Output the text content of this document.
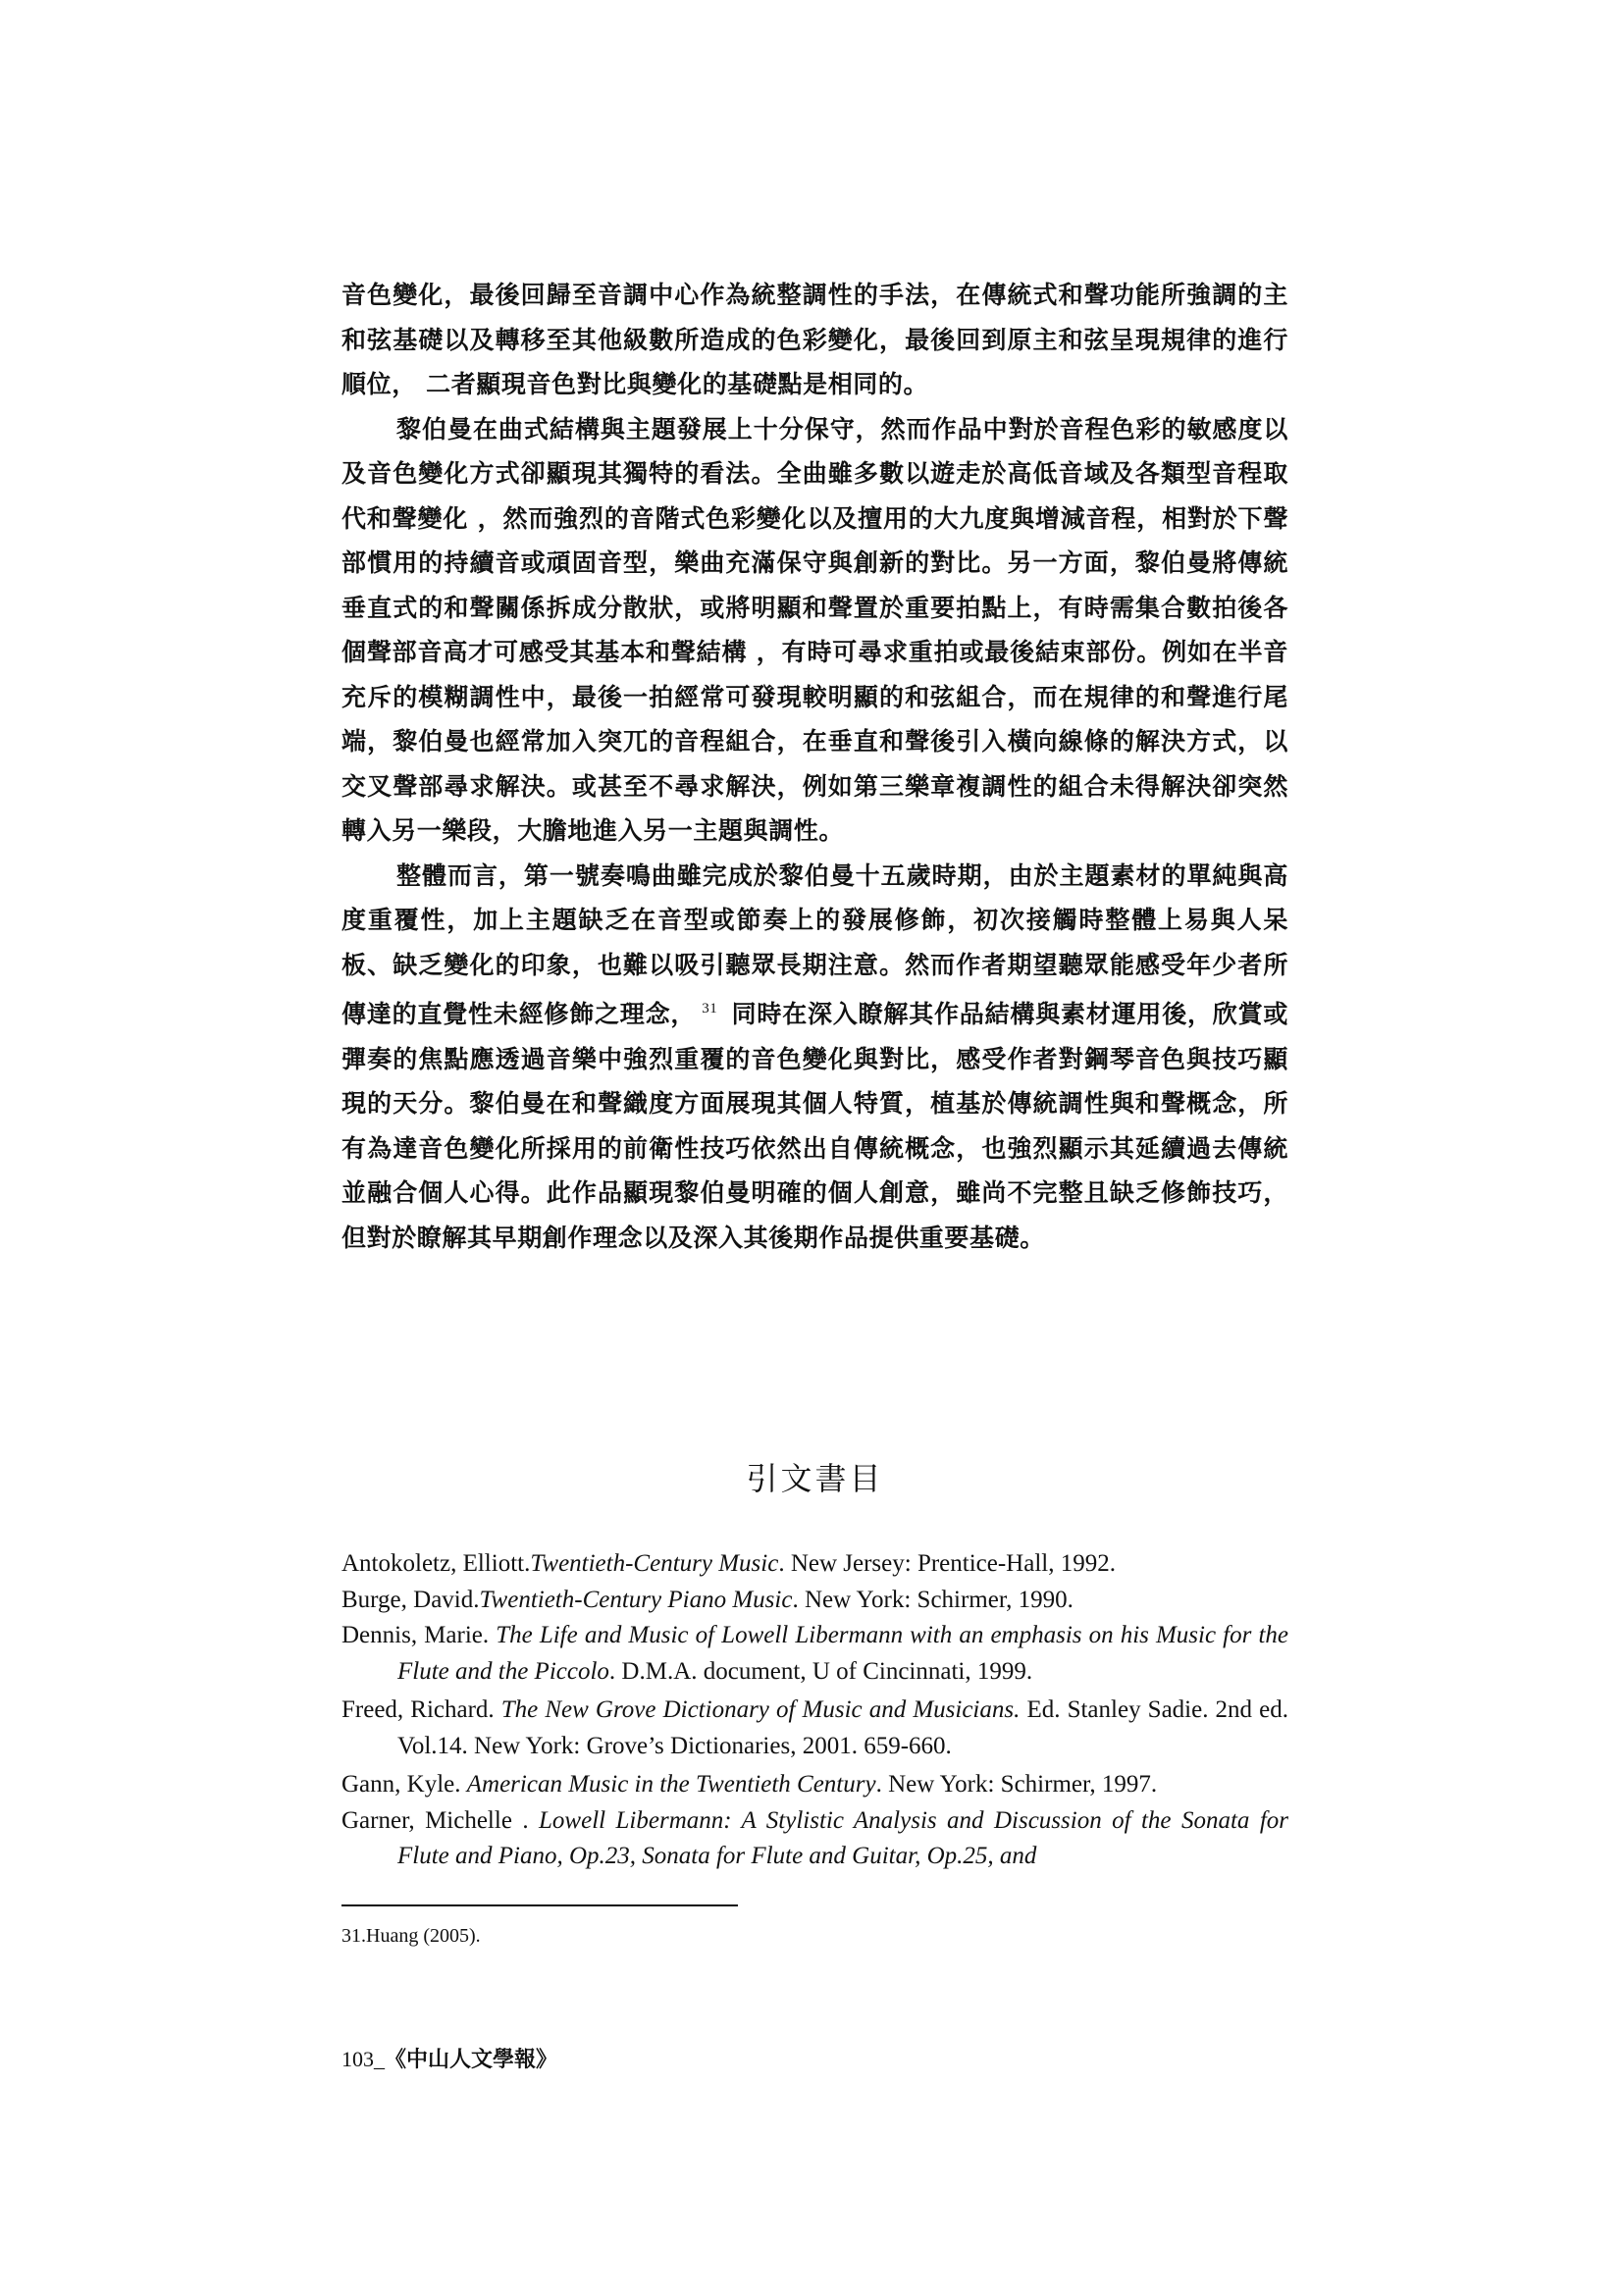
音色變化，最後回歸至音調中心作為統整調性的手法，在傳統式和聲功能所強調的主和弦基礎以及轉移至其他級數所造成的色彩變化，最後回到原主和弦呈現規律的進行順位， 二者顯現音色對比與變化的基礎點是相同的。

黎伯曼在曲式結構與主題發展上十分保守，然而作品中對於音程色彩的敏感度以及音色變化方式卻顯現其獨特的看法。全曲雖多數以遊走於高低音域及各類型音程取代和聲變化 ，然而強烈的音階式色彩變化以及擅用的大九度與增減音程，相對於下聲部慣用的持續音或頑固音型，樂曲充滿保守與創新的對比。另一方面，黎伯曼將傳統垂直式的和聲關係拆成分散狀，或將明顯和聲置於重要拍點上，有時需集合數拍後各個聲部音高才可感受其基本和聲結構 ，有時可尋求重拍或最後結束部份。例如在半音充斥的模糊調性中，最後一拍經常可發現較明顯的和弦組合，而在規律的和聲進行尾端，黎伯曼也經常加入突兀的音程組合，在垂直和聲後引入橫向線條的解決方式，以交叉聲部尋求解決。或甚至不尋求解決，例如第三樂章複調性的組合未得解決卻突然轉入另一樂段，大膽地進入另一主題與調性。

整體而言，第一號奏鳴曲雖完成於黎伯曼十五歲時期，由於主題素材的單純與高度重覆性，加上主題缺乏在音型或節奏上的發展修飾，初次接觸時整體上易與人呆板、缺乏變化的印象，也難以吸引聽眾長期注意。然而作者期望聽眾能感受年少者所傳達的直覺性未經修飾之理念， $^{31}$ 同時在深入瞭解其作品結構與素材運用後，欣賞或彈奏的焦點應透過音樂中強烈重覆的音色變化與對比，感受作者對鋼琴音色與技巧顯現的天分。黎伯曼在和聲織度方面展現其個人特質，植基於傳統調性與和聲概念，所有為達音色變化所採用的前衛性技巧依然出自傳統概念，也強烈顯示其延續過去傳統並融合個人心得。此作品顯現黎伯曼明確的個人創意，雖尚不完整且缺乏修飾技巧，但對於瞭解其早期創作理念以及深入其後期作品提供重要基礎。

引文書目

Antokoletz, Elliott.Twentieth-Century Music. New Jersey: Prentice-Hall, 1992.

Burge, David.Twentieth-Century Piano Music. New York: Schirmer, 1990.

Dennis, Marie. The Life and Music of Lowell Libermann with an emphasis on his Music for the Flute and the Piccolo. D.M.A. document, U of Cincinnati, 1999.

Freed, Richard. The New Grove Dictionary of Music and Musicians. Ed. Stanley Sadie. 2nd ed. Vol.14. New York: Grove’s Dictionaries, 2001. 659-660.

Gann, Kyle. American Music in the Twentieth Century. New York: Schirmer, 1997.

Garner, Michelle . Lowell Libermann: A Stylistic Analysis and Discussion of the Sonata for Flute and Piano, Op.23, Sonata for Flute and Guitar, Op.25, and

31.Huang (2005).
103_《中山人文學報》
